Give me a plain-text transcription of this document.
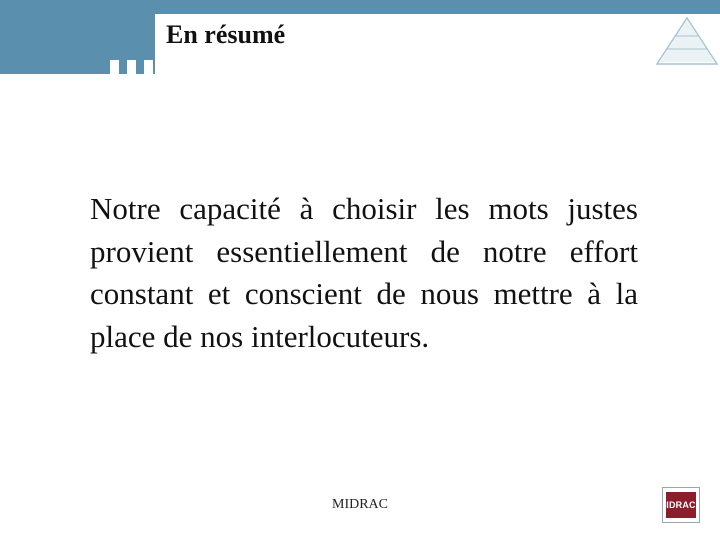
En résumé
Notre capacité à choisir les mots justes provient essentiellement de notre effort constant et conscient de nous mettre à la place de nos interlocuteurs.
MIDRAC	IDRAC
